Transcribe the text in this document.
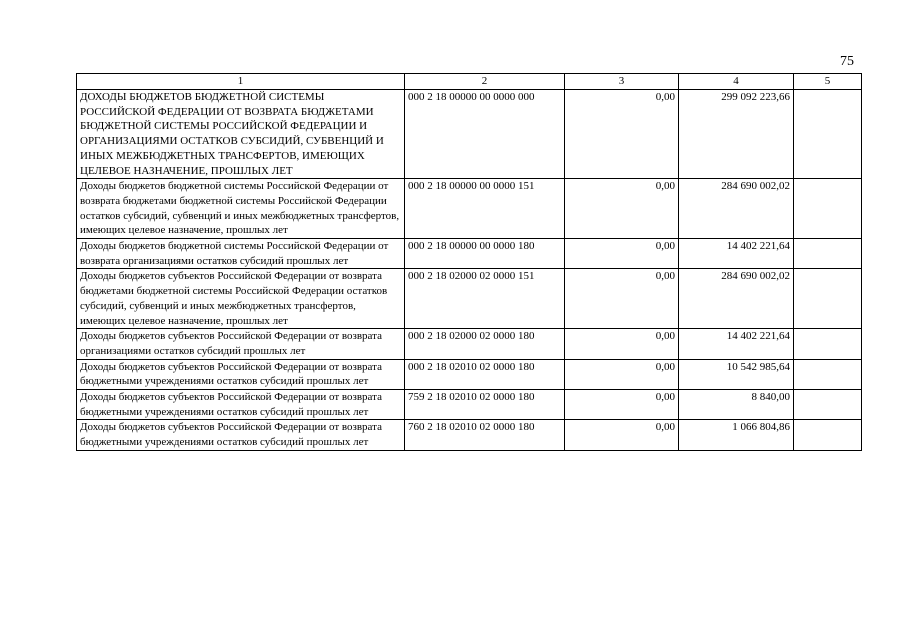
75
1	2	3	4	5
ДОХОДЫ БЮДЖЕТОВ БЮДЖЕТНОЙ СИСТЕМЫ РОССИЙСКОЙ ФЕДЕРАЦИИ ОТ ВОЗВРАТА БЮДЖЕТАМИ БЮДЖЕТНОЙ СИСТЕМЫ РОССИЙСКОЙ ФЕДЕРАЦИИ И ОРГАНИЗАЦИЯМИ ОСТАТКОВ СУБСИДИЙ, СУБВЕНЦИЙ И ИНЫХ МЕЖБЮДЖЕТНЫХ ТРАНСФЕРТОВ, ИМЕЮЩИХ ЦЕЛЕВОЕ НАЗНАЧЕНИЕ, ПРОШЛЫХ ЛЕТ	000 2 18 00000 00 0000 000	0,00	299 092 223,66	
Доходы бюджетов бюджетной системы Российской Федерации от возврата бюджетами бюджетной системы Российской Федерации остатков субсидий, субвенций и иных межбюджетных трансфертов, имеющих целевое назначение, прошлых лет	000 2 18 00000 00 0000 151	0,00	284 690 002,02	
Доходы бюджетов бюджетной системы Российской Федерации от возврата организациями остатков субсидий прошлых лет	000 2 18 00000 00 0000 180	0,00	14 402 221,64	
Доходы бюджетов субъектов Российской Федерации от возврата бюджетами бюджетной системы Российской Федерации остатков субсидий, субвенций и иных межбюджетных трансфертов, имеющих целевое назначение, прошлых лет	000 2 18 02000 02 0000 151	0,00	284 690 002,02	
Доходы бюджетов субъектов Российской Федерации от возврата организациями остатков субсидий прошлых лет	000 2 18 02000 02 0000 180	0,00	14 402 221,64	
Доходы бюджетов субъектов Российской Федерации от возврата бюджетными учреждениями остатков субсидий прошлых лет	000 2 18 02010 02 0000 180	0,00	10 542 985,64	
Доходы бюджетов субъектов Российской Федерации от возврата бюджетными учреждениями остатков субсидий прошлых лет	759 2 18 02010 02 0000 180	0,00	8 840,00	
Доходы бюджетов субъектов Российской Федерации от возврата бюджетными учреждениями остатков субсидий прошлых лет	760 2 18 02010 02 0000 180	0,00	1 066 804,86	
